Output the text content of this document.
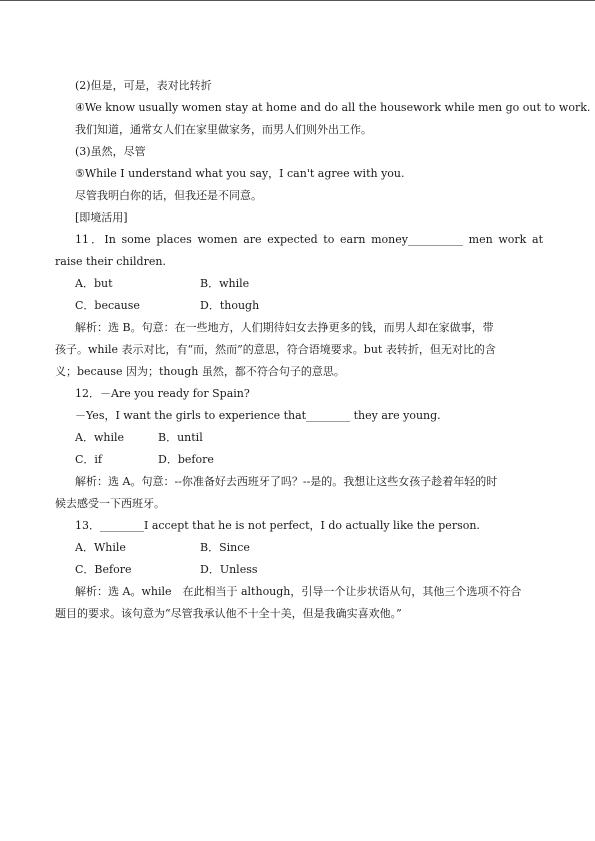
(2)但是，可是，表对比转折
④We know usually women stay at home and do all the housework while men go out to work.
我们知道，通常女人们在家里做家务，而男人们则外出工作。
(3)虽然，尽管
⑤While I understand what you say，I can't agree with you.
尽管我明白你的话，但我还是不同意。
[即境活用]
11．In some places women are expected to earn money__________ men work at
raise their children.
A．but	B．while
C．because	D．though
解析：选 B。句意：在一些地方，人们期待妇女去挣更多的钱，而男人却在家做事，带
孩子。while 表示对比，有“而，然而”的意思，符合语境要求。but 表转折，但无对比的含
义；because 因为；though 虽然，都不符合句子的意思。
12．－Are you ready for Spain?
－Yes，I want the girls to experience that________ they are young.
A．while	B．until
C．if	D．before
解析：选 A。句意：--你准备好去西班牙了吗？--是的。我想让这些女孩子趁着年轻的时
候去感受一下西班牙。
13．________I accept that he is not perfect，I do actually like the person.
A．While	B．Since
C．Before	D．Unless
解析：选 A。while　在此相当于 although，引导一个让步状语从句，其他三个选项不符合
题目的要求。该句意为“尽管我承认他不十全十美，但是我确实喜欢他。”
